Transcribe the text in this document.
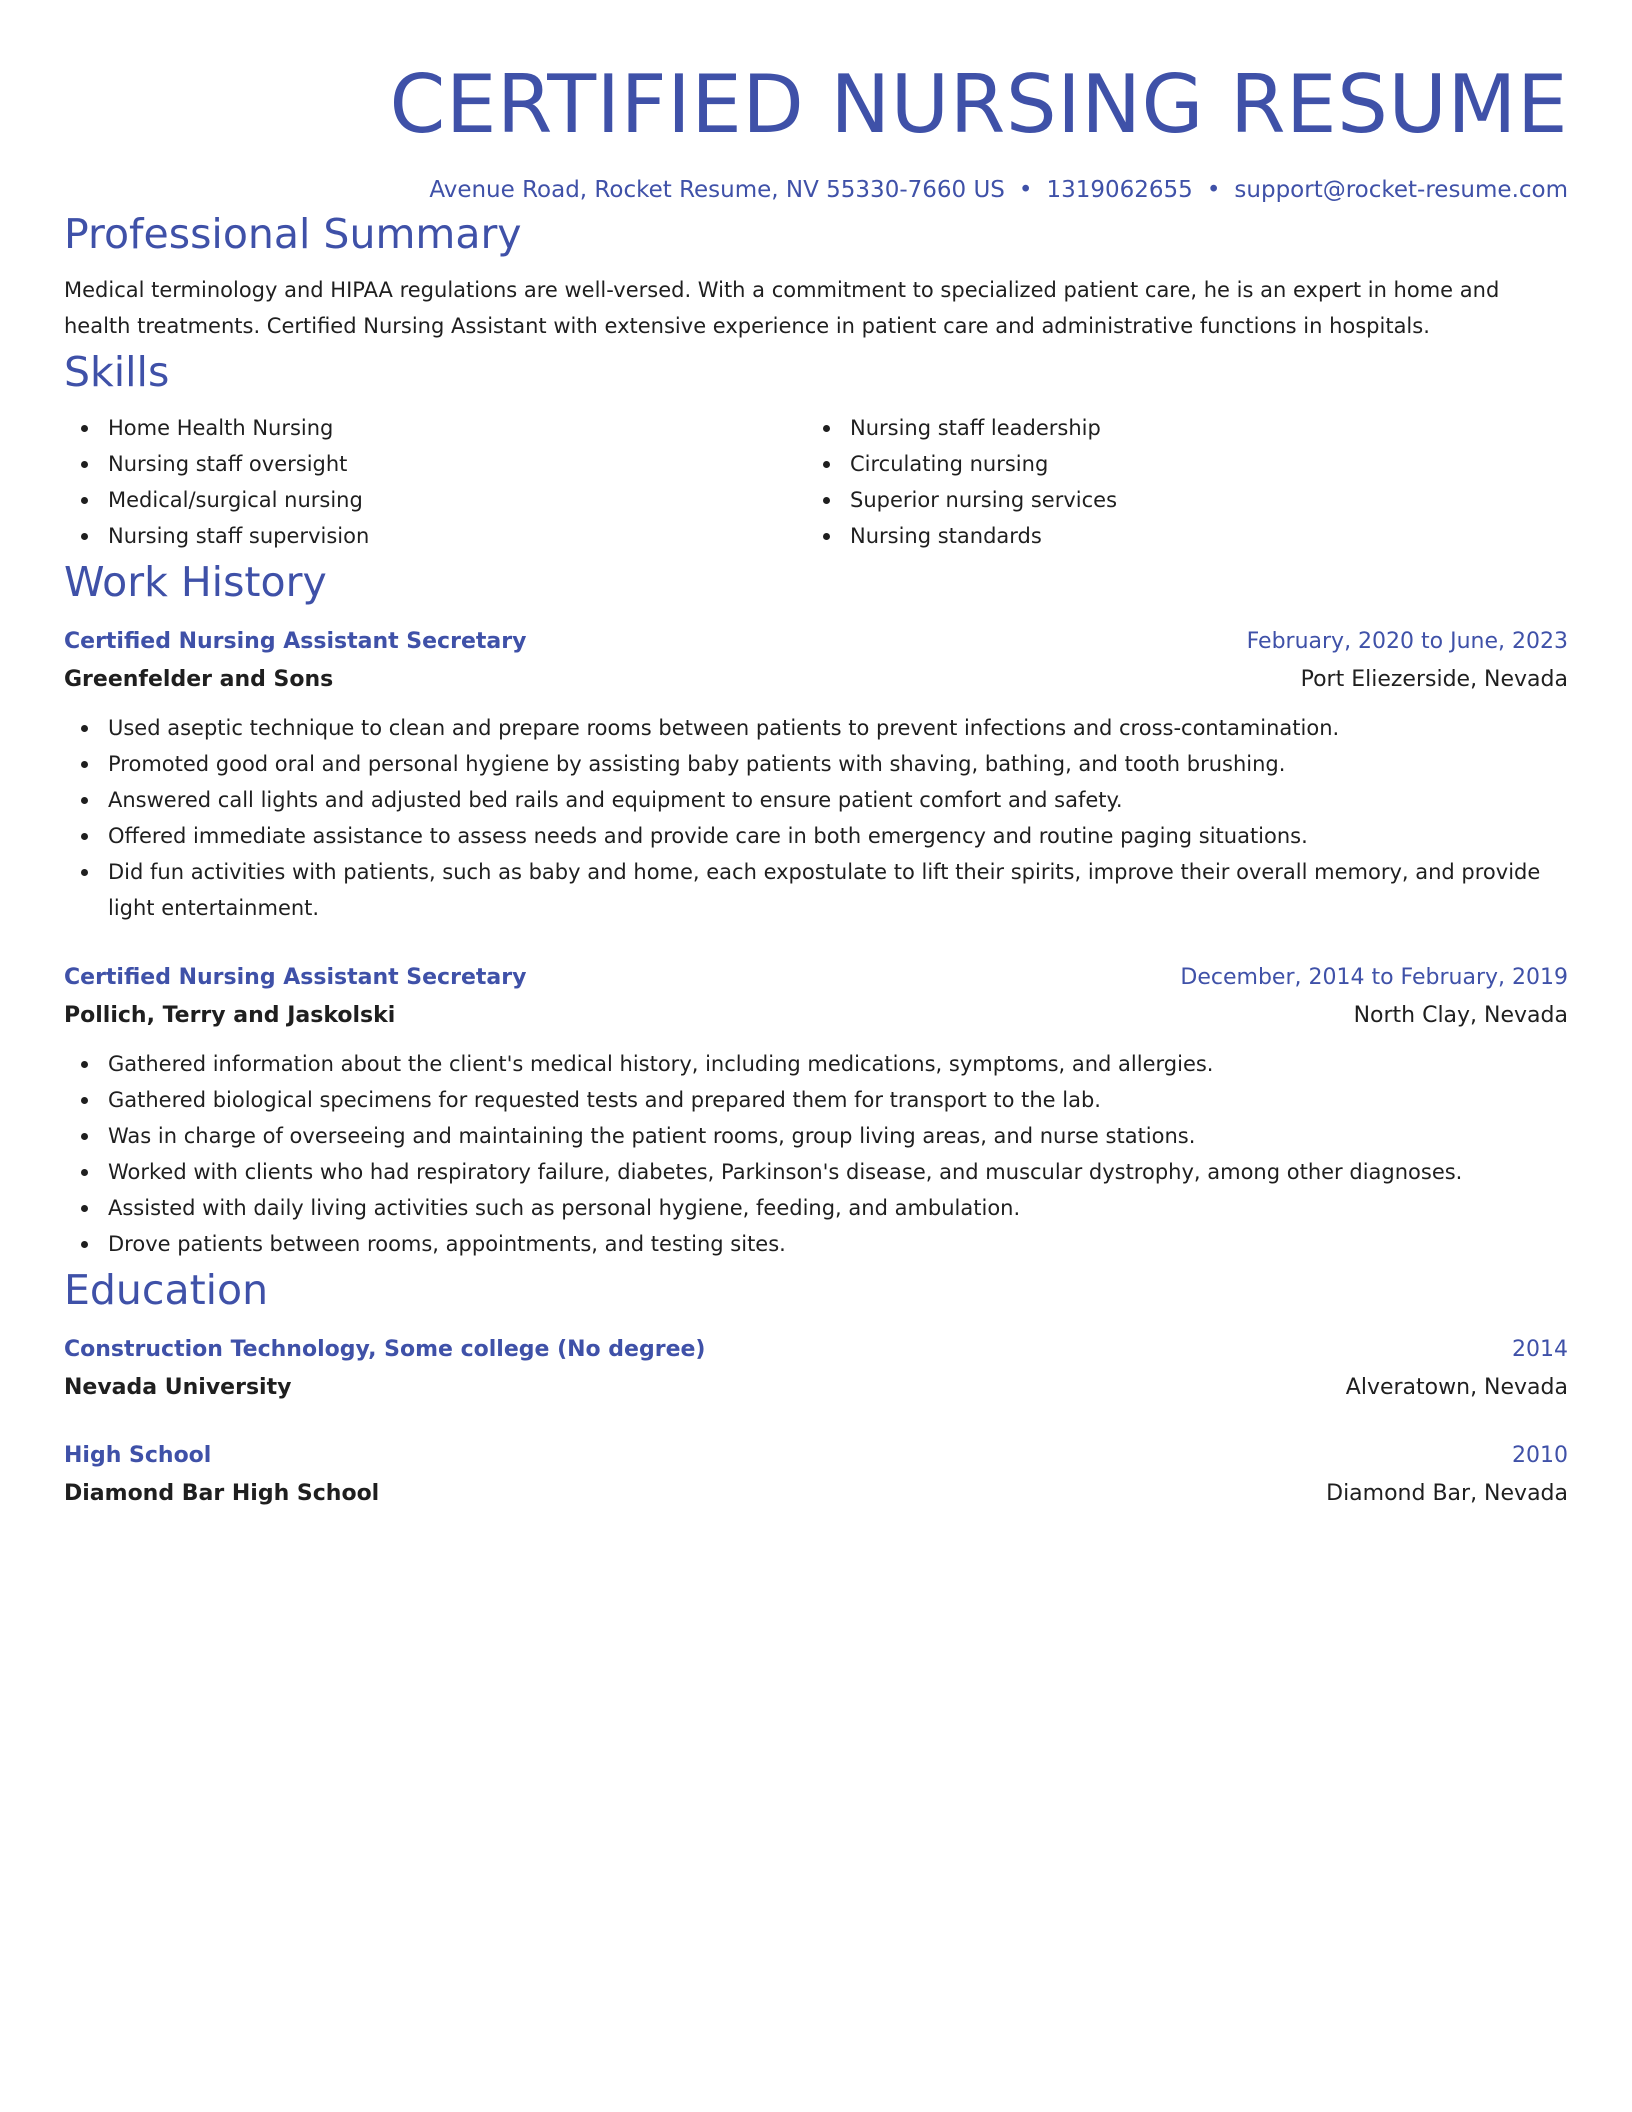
CERTIFIED NURSING RESUME
Avenue Road, Rocket Resume, NV 55330-7660 US • 1319062655 • support@rocket-resume.com
Professional Summary
Medical terminology and HIPAA regulations are well-versed. With a commitment to specialized patient care, he is an expert in home and health treatments. Certified Nursing Assistant with extensive experience in patient care and administrative functions in hospitals.
Skills
Home Health Nursing
Nursing staff oversight
Medical/surgical nursing
Nursing staff supervision
Nursing staff leadership
Circulating nursing
Superior nursing services
Nursing standards
Work History
Certified Nursing Assistant Secretary	February, 2020 to June, 2023
Greenfelder and Sons	Port Eliezerside, Nevada
Used aseptic technique to clean and prepare rooms between patients to prevent infections and cross-contamination.
Promoted good oral and personal hygiene by assisting baby patients with shaving, bathing, and tooth brushing.
Answered call lights and adjusted bed rails and equipment to ensure patient comfort and safety.
Offered immediate assistance to assess needs and provide care in both emergency and routine paging situations.
Did fun activities with patients, such as baby and home, each expostulate to lift their spirits, improve their overall memory, and provide light entertainment.
Certified Nursing Assistant Secretary	December, 2014 to February, 2019
Pollich, Terry and Jaskolski	North Clay, Nevada
Gathered information about the client's medical history, including medications, symptoms, and allergies.
Gathered biological specimens for requested tests and prepared them for transport to the lab.
Was in charge of overseeing and maintaining the patient rooms, group living areas, and nurse stations.
Worked with clients who had respiratory failure, diabetes, Parkinson's disease, and muscular dystrophy, among other diagnoses.
Assisted with daily living activities such as personal hygiene, feeding, and ambulation.
Drove patients between rooms, appointments, and testing sites.
Education
Construction Technology, Some college (No degree)	2014
Nevada University	Alveratown, Nevada
High School	2010
Diamond Bar High School	Diamond Bar, Nevada
